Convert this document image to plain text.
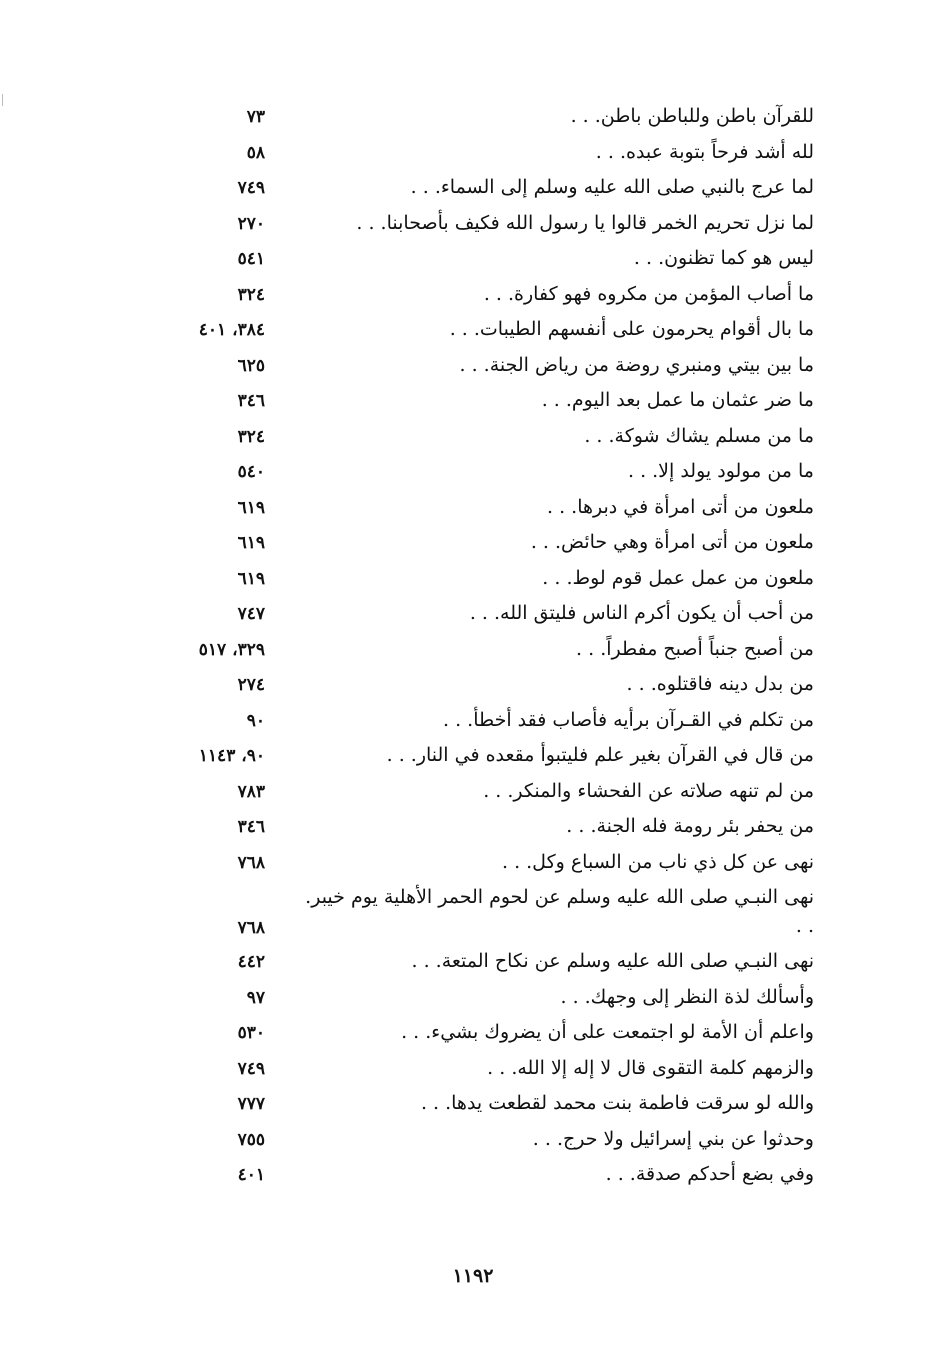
للقرآن باطن وللباطن باطن. . .
٧٣
لله أشد فرحاً بتوبة عبده. . .
٥٨
لما عرج بالنبي صلى الله عليه وسلم إلى السماء. . .
٧٤٩
لما نزل تحريم الخمر قالوا يا رسول الله فكيف بأصحابنا. . .
٢٧٠
ليس هو كما تظنون. . .
٥٤١
ما أصاب المؤمن من مكروه فهو كفارة. . .
٣٢٤
ما بال أقوام يحرمون على أنفسهم الطيبات. . .
٣٨٤، ٤٠١
ما بين بيتي ومنبري روضة من رياض الجنة. . .
٦٢٥
ما ضر عثمان ما عمل بعد اليوم. . .
٣٤٦
ما من مسلم يشاك شوكة. . .
٣٢٤
ما من مولود يولد إلا. . .
٥٤٠
ملعون من أتى امرأة في دبرها. . .
٦١٩
ملعون من أتى امرأة وهي حائض. . .
٦١٩
ملعون من عمل عمل قوم لوط. . .
٦١٩
من أحب أن يكون أكرم الناس فليتق الله. . .
٧٤٧
من أصبح جنباً أصبح مفطراً. . .
٣٢٩، ٥١٧
من بدل دينه فاقتلوه. . .
٢٧٤
من تكلم في القـرآن برأيه فأصاب فقد أخطأ. . .
٩٠
من قال في القرآن بغير علم فليتبوأ مقعده في النار. . .
٩٠، ١١٤٣
من لم تنهه صلاته عن الفحشاء والمنكر. . .
٧٨٣
من يحفر بئر رومة فله الجنة. . .
٣٤٦
نهى عن كل ذي ناب من السباع وكل. . .
٧٦٨
نهى النبـي صلى الله عليه وسلم عن لحوم الحمر الأهلية يوم خيبر. . .
٧٦٨
نهى النبـي صلى الله عليه وسلم عن نكاح المتعة. . .
٤٤٢
وأسألك لذة النظر إلى وجهك. . .
٩٧
واعلم أن الأمة لو اجتمعت على أن يضروك بشيء. . .
٥٣٠
والزمهم كلمة التقوى قال لا إله إلا الله. . .
٧٤٩
والله لو سرقت فاطمة بنت محمد لقطعت يدها. . .
٧٧٧
وحدثوا عن بني إسرائيل ولا حرج. . .
٧٥٥
وفي بضع أحدكم صدقة. . .
٤٠١
١١٩٢
